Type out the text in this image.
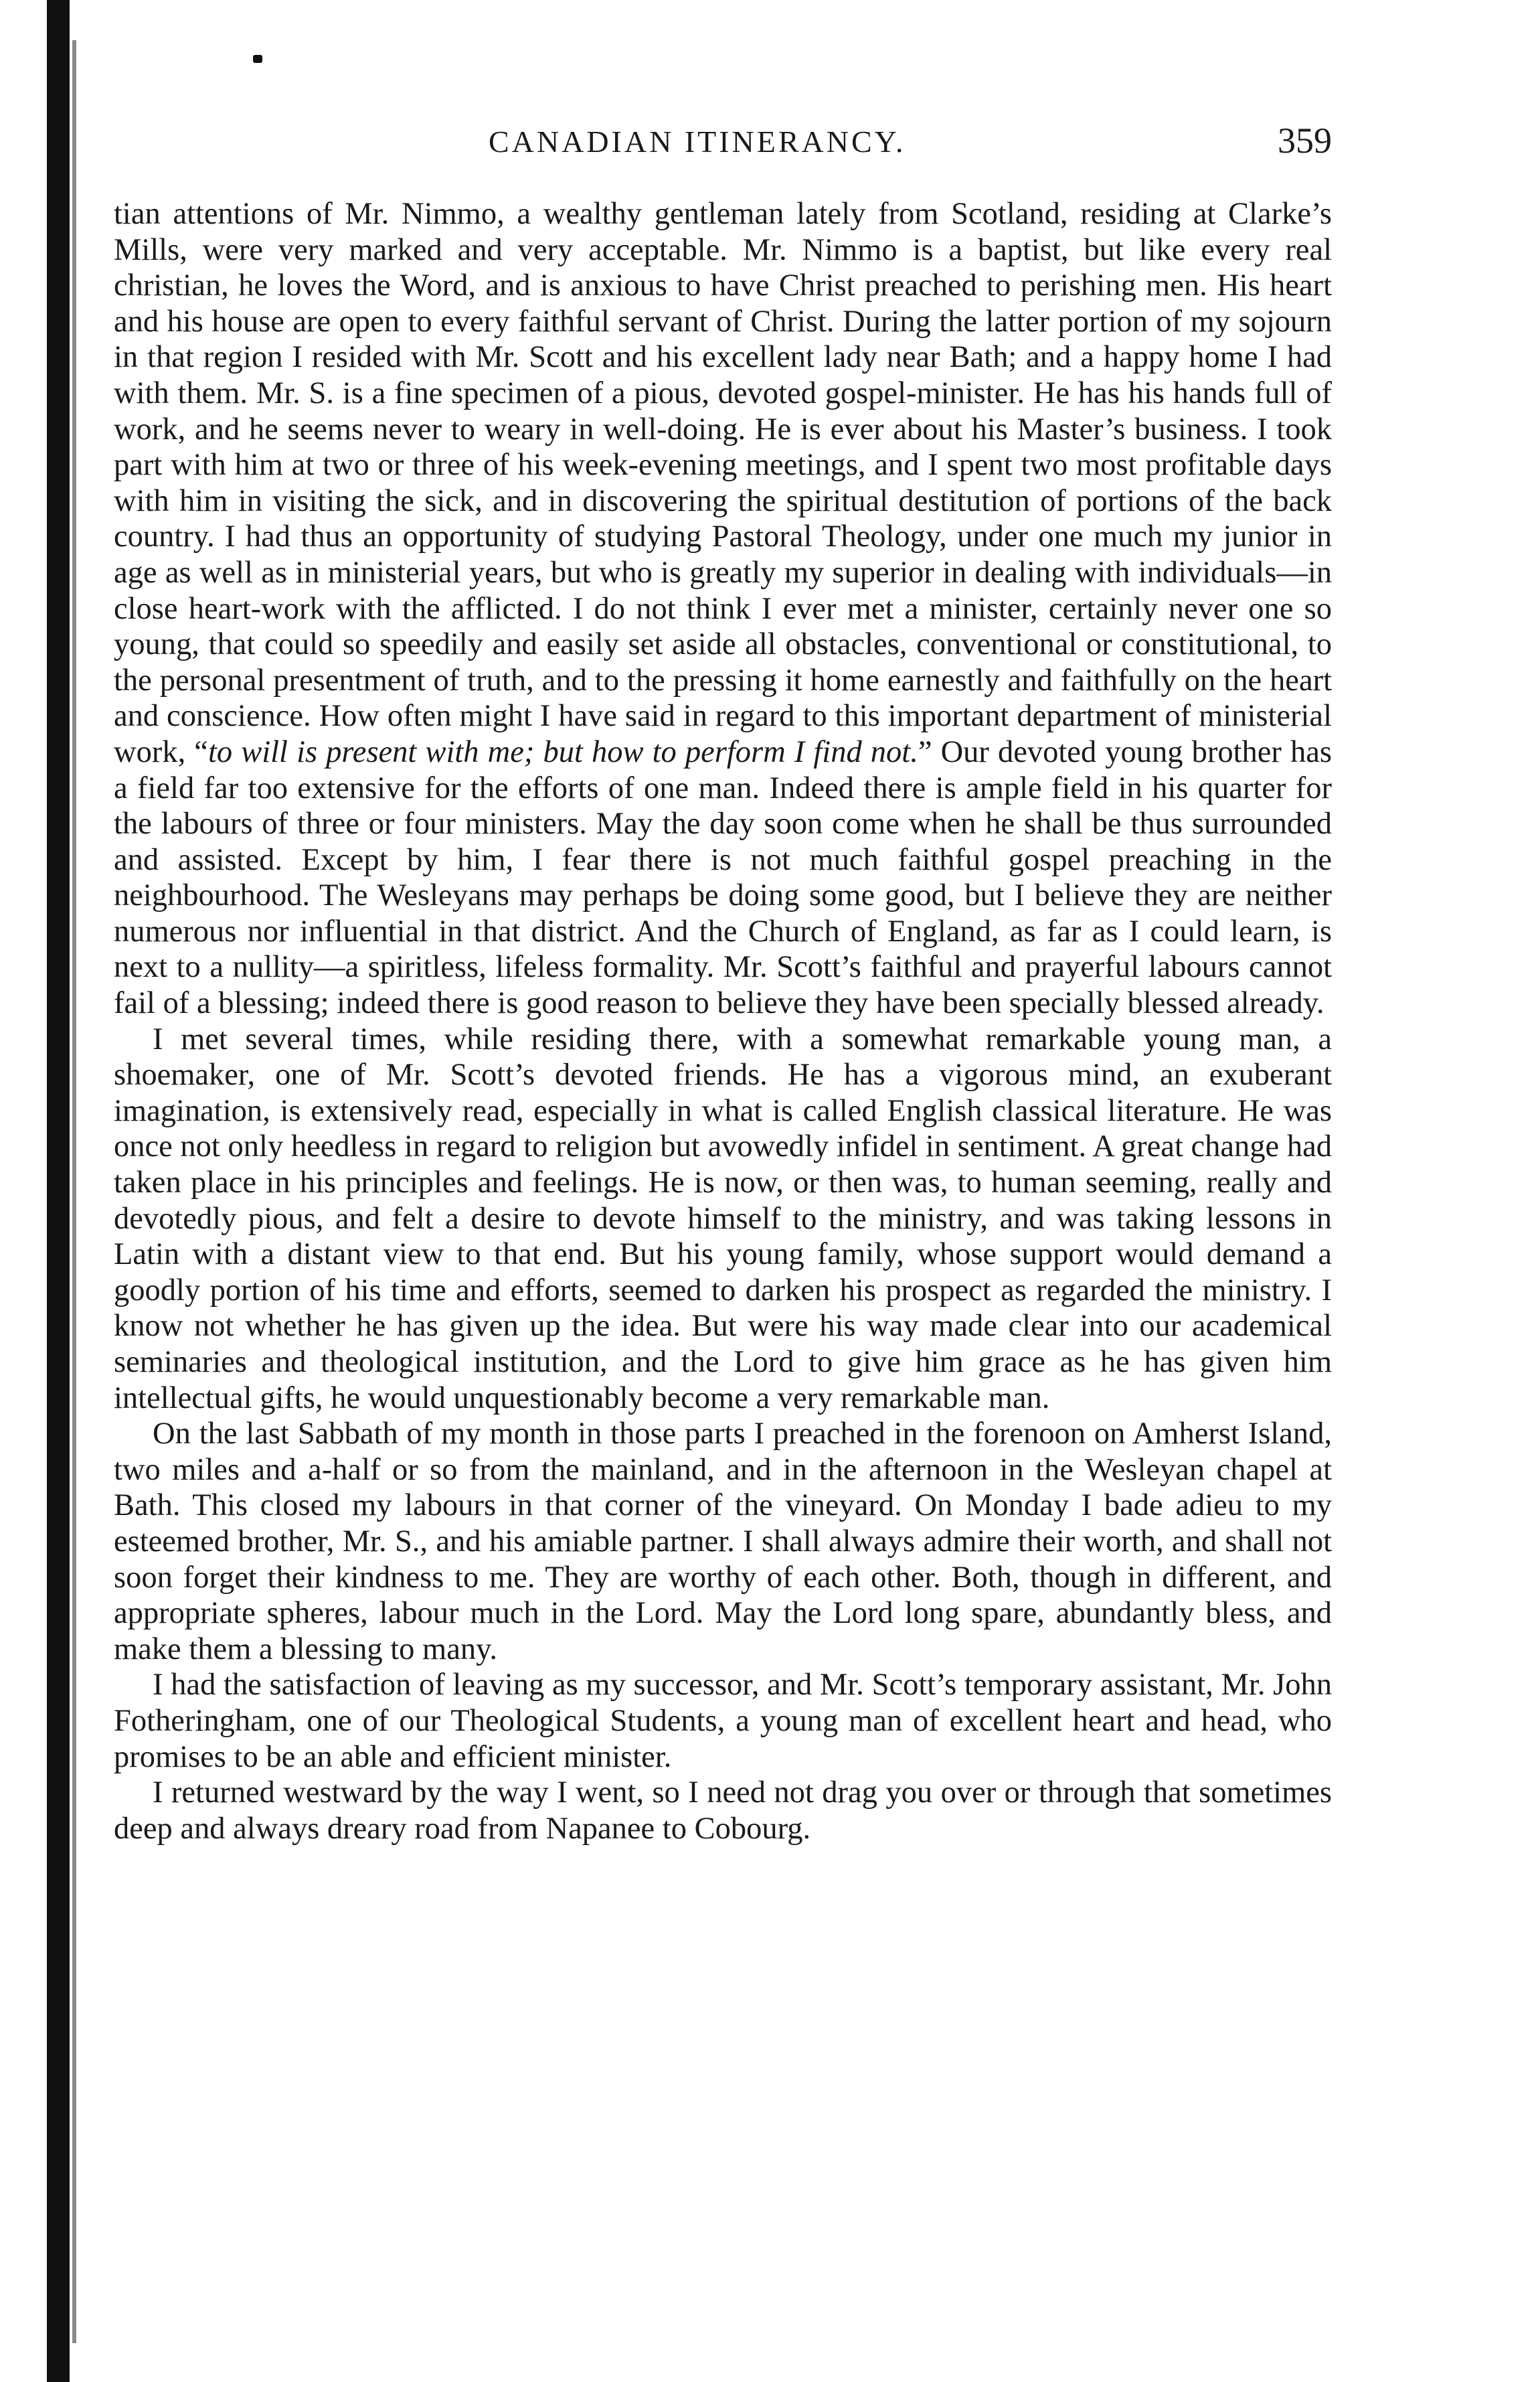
CANADIAN ITINERANCY.	359

tian attentions of Mr. Nimmo, a wealthy gentleman lately from Scotland, residing at Clarke’s Mills, were very marked and very acceptable. Mr. Nimmo is a baptist, but like every real christian, he loves the Word, and is anxious to have Christ preached to perishing men. His heart and his house are open to every faithful servant of Christ. During the latter portion of my sojourn in that region I resided with Mr. Scott and his excellent lady near Bath; and a happy home I had with them. Mr. S. is a fine specimen of a pious, devoted gospel-minister. He has his hands full of work, and he seems never to weary in well-doing. He is ever about his Master’s business. I took part with him at two or three of his week-evening meetings, and I spent two most profitable days with him in visiting the sick, and in discovering the spiritual destitution of portions of the back country. I had thus an opportunity of studying Pastoral Theology, under one much my junior in age as well as in ministerial years, but who is greatly my superior in dealing with individuals—in close heart-work with the afflicted. I do not think I ever met a minister, certainly never one so young, that could so speedily and easily set aside all obstacles, conventional or constitutional, to the personal presentment of truth, and to the pressing it home earnestly and faithfully on the heart and conscience. How often might I have said in regard to this important department of ministerial work, “to will is present with me; but how to perform I find not.” Our devoted young brother has a field far too extensive for the efforts of one man. Indeed there is ample field in his quarter for the labours of three or four ministers. May the day soon come when he shall be thus surrounded and assisted. Except by him, I fear there is not much faithful gospel preaching in the neighbourhood. The Wesleyans may perhaps be doing some good, but I believe they are neither numerous nor influential in that district. And the Church of England, as far as I could learn, is next to a nullity—a spiritless, lifeless formality. Mr. Scott’s faithful and prayerful labours cannot fail of a blessing; indeed there is good reason to believe they have been specially blessed already.

I met several times, while residing there, with a somewhat remarkable young man, a shoemaker, one of Mr. Scott’s devoted friends. He has a vigorous mind, an exuberant imagination, is extensively read, especially in what is called English classical literature. He was once not only heedless in regard to religion but avowedly infidel in sentiment. A great change had taken place in his principles and feelings. He is now, or then was, to human seeming, really and devotedly pious, and felt a desire to devote himself to the ministry, and was taking lessons in Latin with a distant view to that end. But his young family, whose support would demand a goodly portion of his time and efforts, seemed to darken his prospect as regarded the ministry. I know not whether he has given up the idea. But were his way made clear into our academical seminaries and theological institution, and the Lord to give him grace as he has given him intellectual gifts, he would unquestionably become a very remarkable man.

On the last Sabbath of my month in those parts I preached in the forenoon on Amherst Island, two miles and a-half or so from the mainland, and in the afternoon in the Wesleyan chapel at Bath. This closed my labours in that corner of the vineyard. On Monday I bade adieu to my esteemed brother, Mr. S., and his amiable partner. I shall always admire their worth, and shall not soon forget their kindness to me. They are worthy of each other. Both, though in different, and appropriate spheres, labour much in the Lord. May the Lord long spare, abundantly bless, and make them a blessing to many.

I had the satisfaction of leaving as my successor, and Mr. Scott’s temporary assistant, Mr. John Fotheringham, one of our Theological Students, a young man of excellent heart and head, who promises to be an able and efficient minister.

I returned westward by the way I went, so I need not drag you over or through that sometimes deep and always dreary road from Napanee to Cobourg.
